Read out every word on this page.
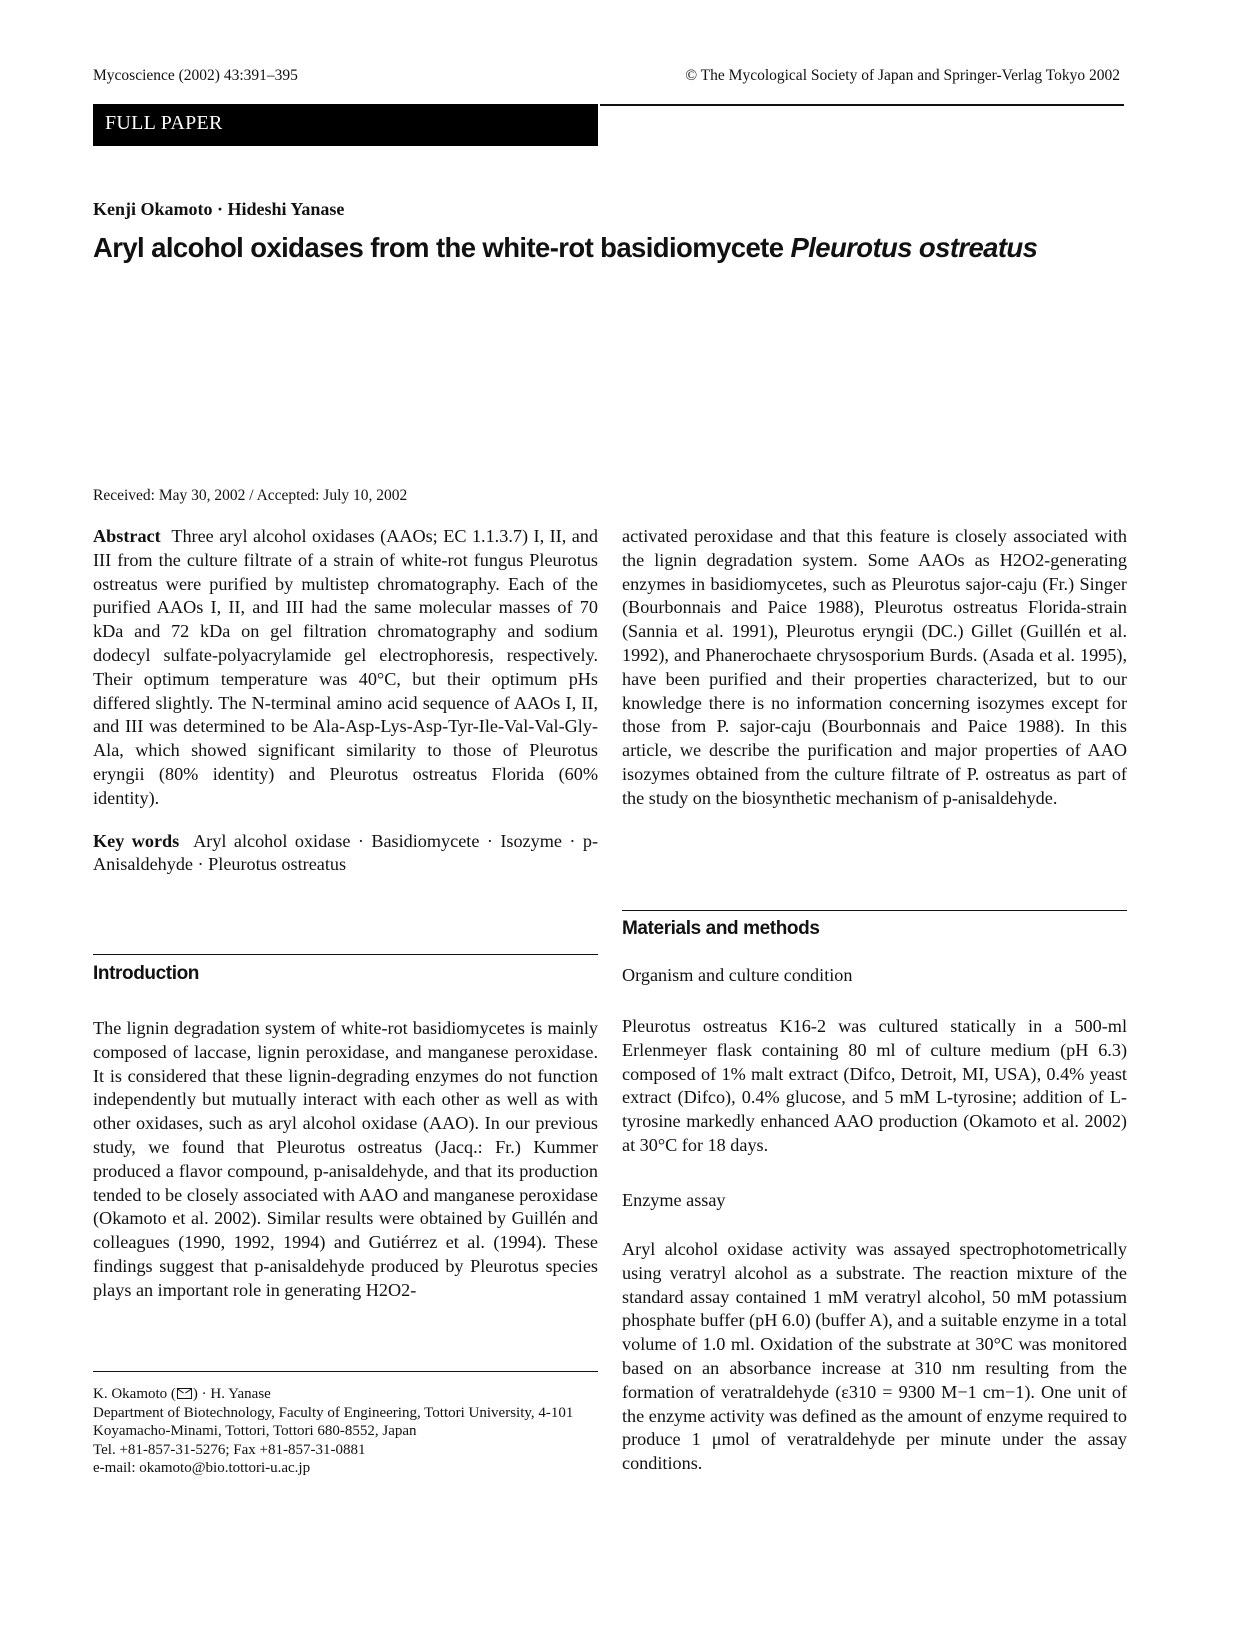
Mycoscience (2002) 43:391–395	© The Mycological Society of Japan and Springer-Verlag Tokyo 2002
FULL PAPER
Kenji Okamoto · Hideshi Yanase
Aryl alcohol oxidases from the white-rot basidiomycete Pleurotus ostreatus
Received: May 30, 2002 / Accepted: July 10, 2002

Abstract Three aryl alcohol oxidases (AAOs; EC 1.1.3.7) I, II, and III from the culture filtrate of a strain of white-rot fungus Pleurotus ostreatus were purified by multistep chromatography. Each of the purified AAOs I, II, and III had the same molecular masses of 70 kDa and 72 kDa on gel filtration chromatography and sodium dodecyl sulfate-polyacrylamide gel electrophoresis, respectively. Their optimum temperature was 40°C, but their optimum pHs differed slightly. The N-terminal amino acid sequence of AAOs I, II, and III was determined to be Ala-Asp-Lys-Asp-Tyr-Ile-Val-Val-Gly-Ala, which showed significant similarity to those of Pleurotus eryngii (80% identity) and Pleurotus ostreatus Florida (60% identity).

Key words Aryl alcohol oxidase · Basidiomycete · Isozyme · p-Anisaldehyde · Pleurotus ostreatus

Introduction

The lignin degradation system of white-rot basidiomycetes is mainly composed of laccase, lignin peroxidase, and manganese peroxidase. It is considered that these lignin-degrading enzymes do not function independently but mutually interact with each other as well as with other oxidases, such as aryl alcohol oxidase (AAO). In our previous study, we found that Pleurotus ostreatus (Jacq.: Fr.) Kummer produced a flavor compound, p-anisaldehyde, and that its production tended to be closely associated with AAO and manganese peroxidase (Okamoto et al. 2002). Similar results were obtained by Guillén and colleagues (1990, 1992, 1994) and Gutiérrez et al. (1994). These findings suggest that p-anisaldehyde produced by Pleurotus species plays an important role in generating H2O2-

K. Okamoto ( ) · H. Yanase
Department of Biotechnology, Faculty of Engineering, Tottori University, 4-101 Koyamacho-Minami, Tottori, Tottori 680-8552, Japan
Tel. +81-857-31-5276; Fax +81-857-31-0881
e-mail: okamoto@bio.tottori-u.ac.jp

activated peroxidase and that this feature is closely associated with the lignin degradation system. Some AAOs as H2O2-generating enzymes in basidiomycetes, such as Pleurotus sajor-caju (Fr.) Singer (Bourbonnais and Paice 1988), Pleurotus ostreatus Florida-strain (Sannia et al. 1991), Pleurotus eryngii (DC.) Gillet (Guillén et al. 1992), and Phanerochaete chrysosporium Burds. (Asada et al. 1995), have been purified and their properties characterized, but to our knowledge there is no information concerning isozymes except for those from P. sajor-caju (Bourbonnais and Paice 1988). In this article, we describe the purification and major properties of AAO isozymes obtained from the culture filtrate of P. ostreatus as part of the study on the biosynthetic mechanism of p-anisaldehyde.

Materials and methods
Organism and culture condition

Pleurotus ostreatus K16-2 was cultured statically in a 500-ml Erlenmeyer flask containing 80 ml of culture medium (pH 6.3) composed of 1% malt extract (Difco, Detroit, MI, USA), 0.4% yeast extract (Difco), 0.4% glucose, and 5 mM L-tyrosine; addition of L-tyrosine markedly enhanced AAO production (Okamoto et al. 2002) at 30°C for 18 days.

Enzyme assay

Aryl alcohol oxidase activity was assayed spectrophotometrically using veratryl alcohol as a substrate. The reaction mixture of the standard assay contained 1 mM veratryl alcohol, 50 mM potassium phosphate buffer (pH 6.0) (buffer A), and a suitable enzyme in a total volume of 1.0 ml. Oxidation of the substrate at 30°C was monitored based on an absorbance increase at 310 nm resulting from the formation of veratraldehyde (ε310 = 9300 M−1 cm−1). One unit of the enzyme activity was defined as the amount of enzyme required to produce 1 μmol of veratraldehyde per minute under the assay conditions.
